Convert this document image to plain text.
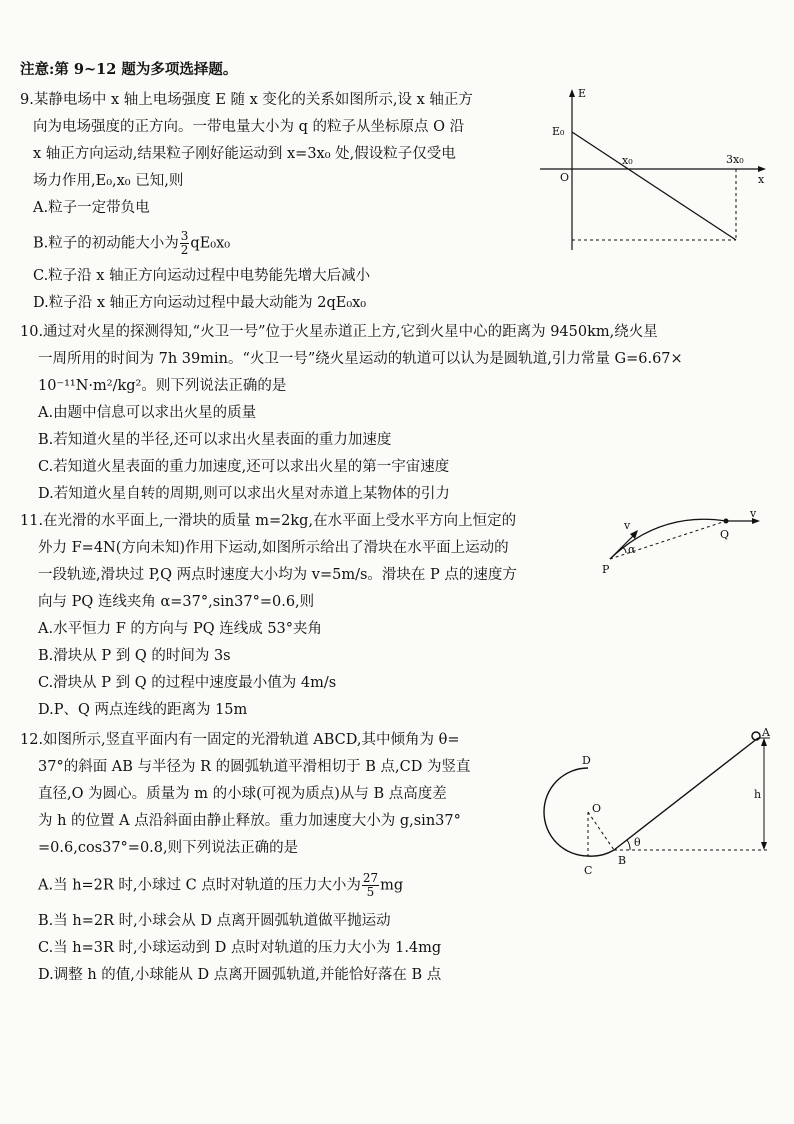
注意:第 9~12 题为多项选择题。
9.某静电场中 x 轴上电场强度 E 随 x 变化的关系如图所示,设 x 轴正方
向为电场强度的正方向。一带电量大小为 q 的粒子从坐标原点 O 沿
x 轴正方向运动,结果粒子刚好能运动到 x=3x₀ 处,假设粒子仅受电
场力作用,E₀,x₀ 已知,则
A.粒子一定带负电
B.粒子的初动能大小为 $\frac{3}{2} qE_0x_0$
C.粒子沿 x 轴正方向运动过程中电势能先增大后减小
D.粒子沿 x 轴正方向运动过程中最大动能为 2qE₀x₀
E
E₀
O
x₀	3x₀
x
10.通过对火星的探测得知,“火卫一号”位于火星赤道正上方,它到火星中心的距离为 9450km,绕火星
一周所用的时间为 7h 39min。“火卫一号”绕火星运动的轨道可以认为是圆轨道,引力常量 G=6.67×
10⁻¹¹N·m²/kg²。则下列说法正确的是
A.由题中信息可以求出火星的质量
B.若知道火星的半径,还可以求出火星表面的重力加速度
C.若知道火星表面的重力加速度,还可以求出火星的第一宇宙速度
D.若知道火星自转的周期,则可以求出火星对赤道上某物体的引力
11.在光滑的水平面上,一滑块的质量 m=2kg,在水平面上受水平方向上恒定的
外力 F=4N(方向未知)作用下运动,如图所示给出了滑块在水平面上运动的
一段轨迹,滑块过 P,Q 两点时速度大小均为 v=5m/s。滑块在 P 点的速度方
向与 PQ 连线夹角 α=37°,sin37°=0.6,则
A.水平恒力 F 的方向与 PQ 连线成 53°夹角
B.滑块从 P 到 Q 的时间为 3s
C.滑块从 P 到 Q 的过程中速度最小值为 4m/s
D.P、Q 两点连线的距离为 15m
P
Q
v
v
α
12.如图所示,竖直平面内有一固定的光滑轨道 ABCD,其中倾角为 θ=
37°的斜面 AB 与半径为 R 的圆弧轨道平滑相切于 B 点,CD 为竖直
直径,O 为圆心。质量为 m 的小球(可视为质点)从与 B 点高度差
为 h 的位置 A 点沿斜面由静止释放。重力加速度大小为 g,sin37°
=0.6,cos37°=0.8,则下列说法正确的是
A.当 h=2R 时,小球过 C 点时对轨道的压力大小为 $\frac{27}{5}$ mg
B.当 h=2R 时,小球会从 D 点离开圆弧轨道做平抛运动
C.当 h=3R 时,小球运动到 D 点时对轨道的压力大小为 1.4mg
D.调整 h 的值,小球能从 D 点离开圆弧轨道,并能恰好落在 B 点
D
O
C
B
A
h
θ
